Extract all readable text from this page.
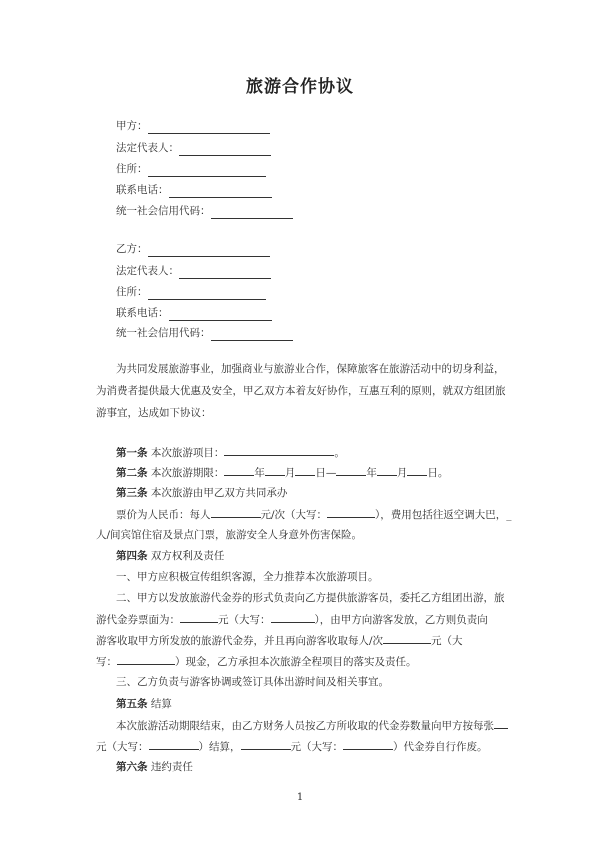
旅游合作协议
甲方：
法定代表人：
住所：
联系电话：
统一社会信用代码：
乙方：
法定代表人：
住所：
联系电话：
统一社会信用代码：
为共同发展旅游事业，加强商业与旅游业合作，保障旅客在旅游活动中的切身利益，
为消费者提供最大优惠及安全，甲乙双方本着友好协作，互惠互利的原则，就双方组团旅
游事宜，达成如下协议：
第一条 本次旅游项目：	。
第二条 本次旅游期限：	年 月 日—	年 月 日。
第三条 本次旅游由甲乙双方共同承办
票价为人民币：每人	元/次（大写：	），费用包括往返空调大巴，_
人/间宾馆住宿及景点门票，旅游安全人身意外伤害保险。
第四条 双方权利及责任
一、甲方应积极宣传组织客源，全力推荐本次旅游项目。
二、甲方以发放旅游代金券的形式负责向乙方提供旅游客员，委托乙方组团出游，旅
游代金券票面为：	元（大写：	），由甲方向游客发放，乙方则负责向
游客收取甲方所发放的旅游代金券，并且再向游客收取每人/次	元（大
写：	）现金，乙方承担本次旅游全程项目的落实及责任。
三、乙方负责与游客协调或签订具体出游时间及相关事宜。
第五条 结算
本次旅游活动期限结束，由乙方财务人员按乙方所收取的代金券数量向甲方按每张
元（大写：	）结算，	元（大写：	）代金券自行作废。
第六条 违约责任
1
